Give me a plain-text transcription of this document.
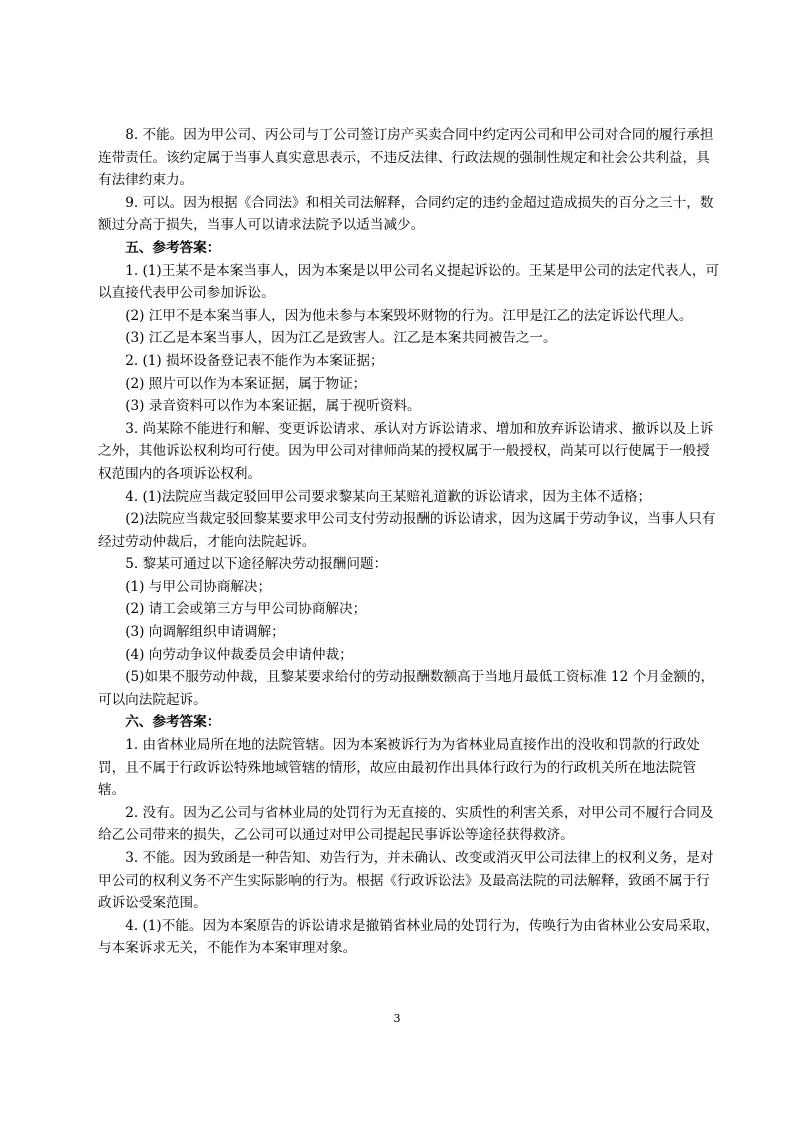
8. 不能。因为甲公司、丙公司与丁公司签订房产买卖合同中约定丙公司和甲公司对合同的履行承担连带责任。该约定属于当事人真实意思表示，不违反法律、行政法规的强制性规定和社会公共利益，具有法律约束力。

9. 可以。因为根据《合同法》和相关司法解释，合同约定的违约金超过造成损失的百分之三十，数额过分高于损失，当事人可以请求法院予以适当减少。

五、参考答案：

1. (1)王某不是本案当事人，因为本案是以甲公司名义提起诉讼的。王某是甲公司的法定代表人，可以直接代表甲公司参加诉讼。

(2) 江甲不是本案当事人，因为他未参与本案毁坏财物的行为。江甲是江乙的法定诉讼代理人。

(3) 江乙是本案当事人，因为江乙是致害人。江乙是本案共同被告之一。

2. (1) 损坏设备登记表不能作为本案证据；

(2) 照片可以作为本案证据，属于物证；

(3) 录音资料可以作为本案证据，属于视听资料。

3. 尚某除不能进行和解、变更诉讼请求、承认对方诉讼请求、增加和放弃诉讼请求、撤诉以及上诉之外，其他诉讼权利均可行使。因为甲公司对律师尚某的授权属于一般授权，尚某可以行使属于一般授权范围内的各项诉讼权利。

4. (1)法院应当裁定驳回甲公司要求黎某向王某赔礼道歉的诉讼请求，因为主体不适格；

(2)法院应当裁定驳回黎某要求甲公司支付劳动报酬的诉讼请求，因为这属于劳动争议，当事人只有经过劳动仲裁后，才能向法院起诉。

5. 黎某可通过以下途径解决劳动报酬问题：

(1) 与甲公司协商解决；

(2) 请工会或第三方与甲公司协商解决；

(3) 向调解组织申请调解；

(4) 向劳动争议仲裁委员会申请仲裁；

(5)如果不服劳动仲裁，且黎某要求给付的劳动报酬数额高于当地月最低工资标准 12 个月金额的，可以向法院起诉。

六、参考答案：

1. 由省林业局所在地的法院管辖。因为本案被诉行为为省林业局直接作出的没收和罚款的行政处罚，且不属于行政诉讼特殊地域管辖的情形，故应由最初作出具体行政行为的行政机关所在地法院管辖。

2. 没有。因为乙公司与省林业局的处罚行为无直接的、实质性的利害关系，对甲公司不履行合同及给乙公司带来的损失，乙公司可以通过对甲公司提起民事诉讼等途径获得救济。

3. 不能。因为致函是一种告知、劝告行为，并未确认、改变或消灭甲公司法律上的权利义务，是对甲公司的权利义务不产生实际影响的行为。根据《行政诉讼法》及最高法院的司法解释，致函不属于行政诉讼受案范围。

4. (1)不能。因为本案原告的诉讼请求是撤销省林业局的处罚行为，传唤行为由省林业公安局采取，与本案诉求无关，不能作为本案审理对象。

3
